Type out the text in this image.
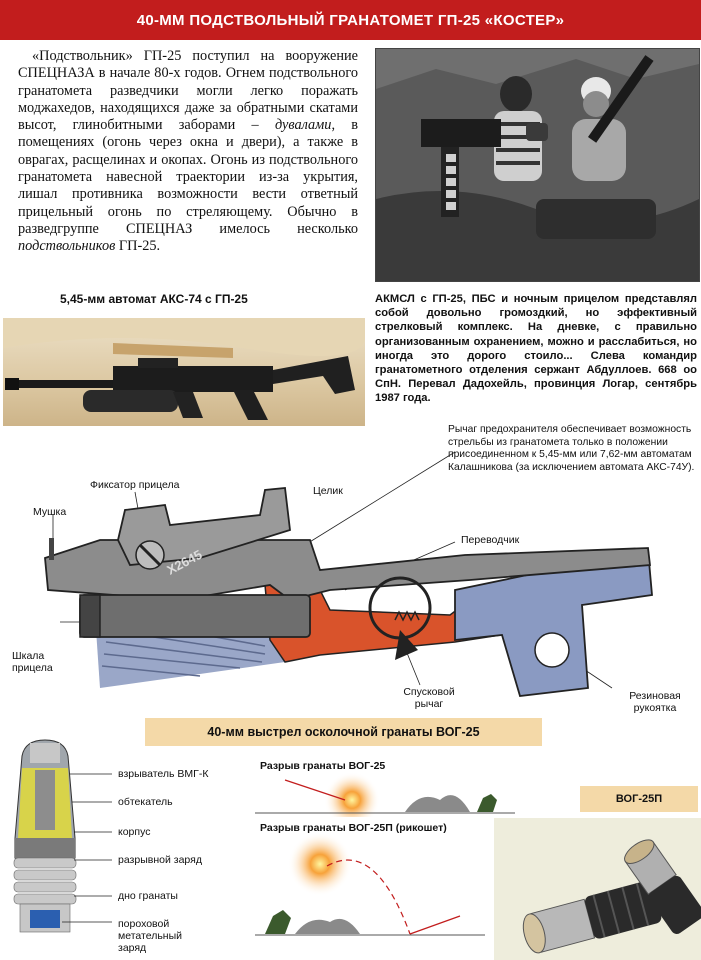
40-ММ ПОДСТВОЛЬНЫЙ ГРАНАТОМЕТ ГП-25 «КОСТЕР»
«Подствольник» ГП-25 поступил на вооружение СПЕЦНАЗА в начале 80-х годов. Огнем подствольного гранатомета разведчики могли легко поражать моджахедов, находящихся даже за обратными скатами высот, глинобитными заборами – дувалами, в помещениях (огонь через окна и двери), а также в оврагах, расщелинах и окопах. Огонь из подствольного гранатомета навесной траектории из-за укрытия, лишал противника возможности вести ответный прицельный огонь по стреляющему. Обычно в разведгруппе СПЕЦНАЗ имелось несколько подствольников ГП-25.
5,45-мм автомат АКС-74 с ГП-25	АКМСЛ с ГП-25, ПБС и ночным прицелом представлял собой довольно громоздкий, но эффективный стрелковый комплекс. На дневке, с правильно организованным охранением, можно и расслабиться, но иногда это дорого стоило... Слева командир гранатометного отделения сержант Абдуллоев. 668 оо СпН. Перевал Дадохейль, провинция Логар, сентябрь 1987 года.
Рычаг предохранителя обеспечивает возможность стрельбы из гранатомета только в положении присоединенном к 5,45-мм или 7,62-мм автоматам Калашникова (за исключением автомата АКС-74У).
Х2645
Фиксатор прицела	Целик
Мушка
Переводчик
Шкала прицела
Спусковой рычаг
Резиновая рукоятка
40-мм выстрел осколочной гранаты ВОГ-25
взрыватель ВМГ-К
обтекатель
корпус
разрывной заряд
дно гранаты
пороховой метательный заряд
Разрыв гранаты ВОГ-25
Разрыв гранаты ВОГ-25П (рикошет)
ВОГ-25П
